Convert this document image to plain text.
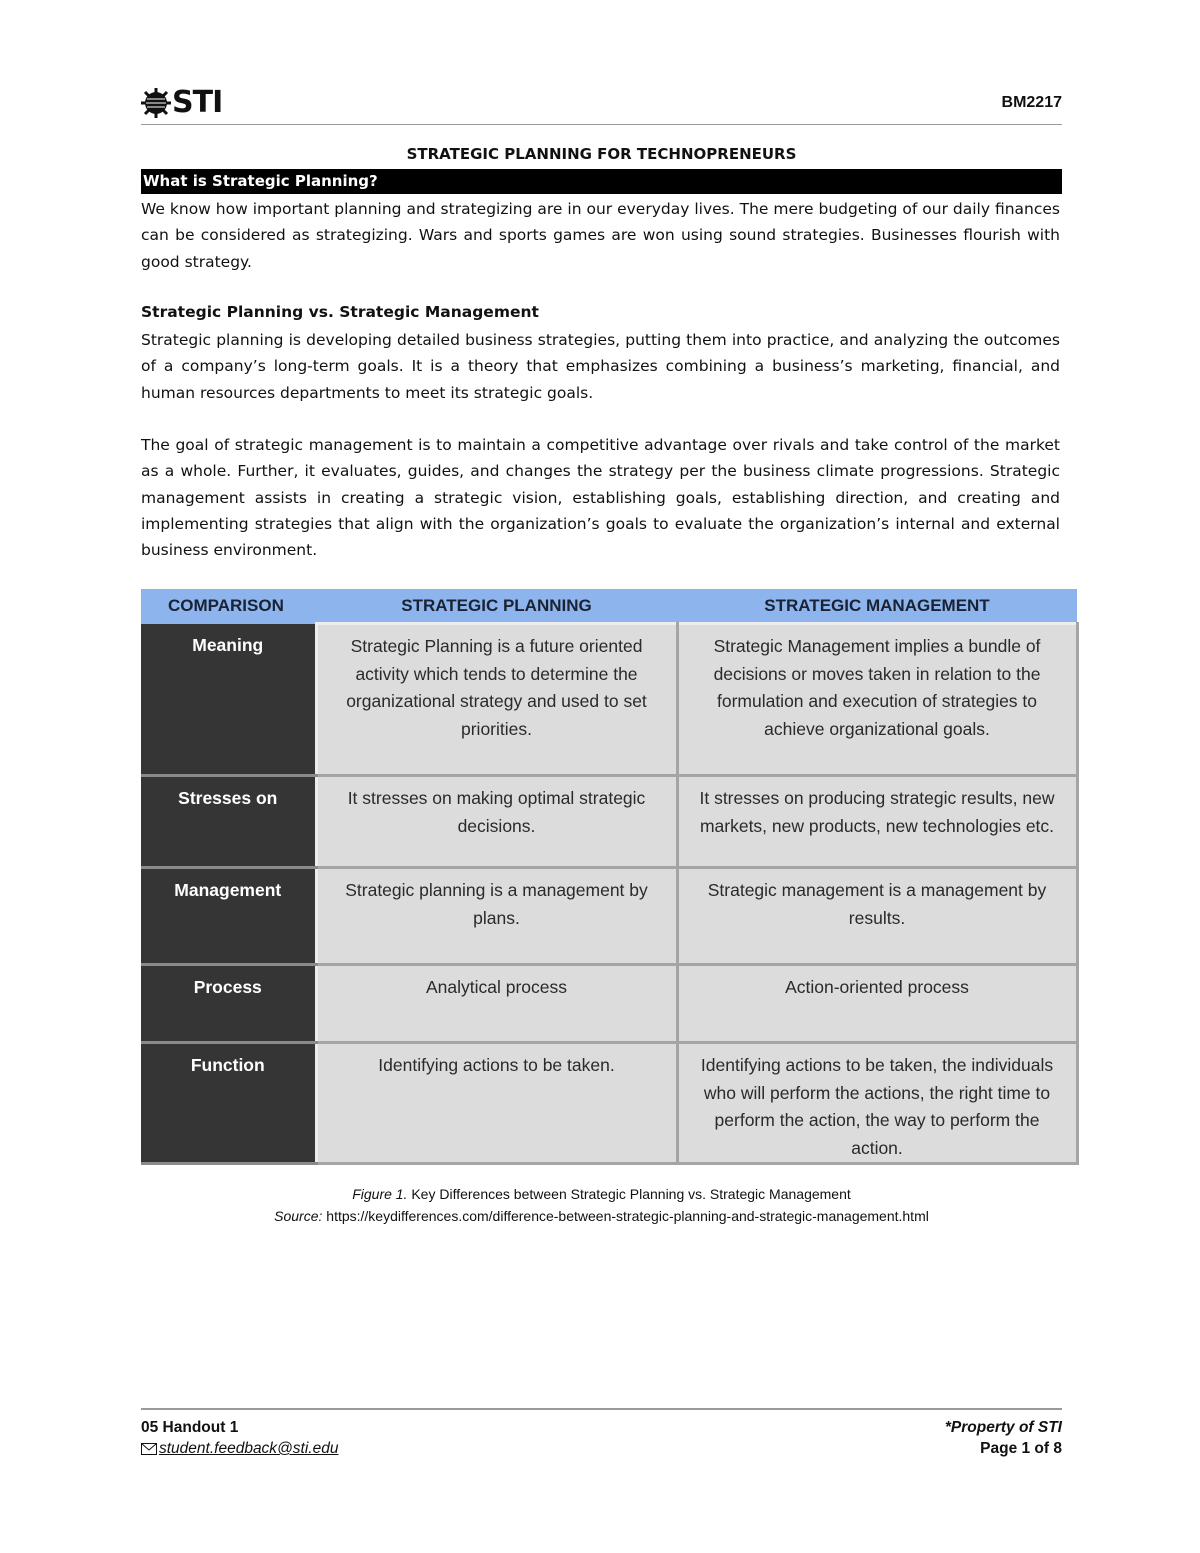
STI	BM2217
STRATEGIC PLANNING FOR TECHNOPRENEURS
What is Strategic Planning?
We know how important planning and strategizing are in our everyday lives. The mere budgeting of our daily finances can be considered as strategizing. Wars and sports games are won using sound strategies. Businesses flourish with good strategy.
Strategic Planning vs. Strategic Management
Strategic planning is developing detailed business strategies, putting them into practice, and analyzing the outcomes of a company’s long-term goals. It is a theory that emphasizes combining a business’s marketing, financial, and human resources departments to meet its strategic goals.
The goal of strategic management is to maintain a competitive advantage over rivals and take control of the market as a whole. Further, it evaluates, guides, and changes the strategy per the business climate progressions. Strategic management assists in creating a strategic vision, establishing goals, establishing direction, and creating and implementing strategies that align with the organization’s goals to evaluate the organization’s internal and external business environment.
COMPARISON	STRATEGIC PLANNING	STRATEGIC MANAGEMENT
Meaning	Strategic Planning is a future oriented activity which tends to determine the organizational strategy and used to set priorities.	Strategic Management implies a bundle of decisions or moves taken in relation to the formulation and execution of strategies to achieve organizational goals.
Stresses on	It stresses on making optimal strategic decisions.	It stresses on producing strategic results, new markets, new products, new technologies etc.
Management	Strategic planning is a management by plans.	Strategic management is a management by results.
Process	Analytical process	Action-oriented process
Function	Identifying actions to be taken.	Identifying actions to be taken, the individuals who will perform the actions, the right time to perform the action, the way to perform the action.
Figure 1. Key Differences between Strategic Planning vs. Strategic Management
Source: https://keydifferences.com/difference-between-strategic-planning-and-strategic-management.html
05 Handout 1
student.feedback@sti.edu
*Property of STI
Page 1 of 8
